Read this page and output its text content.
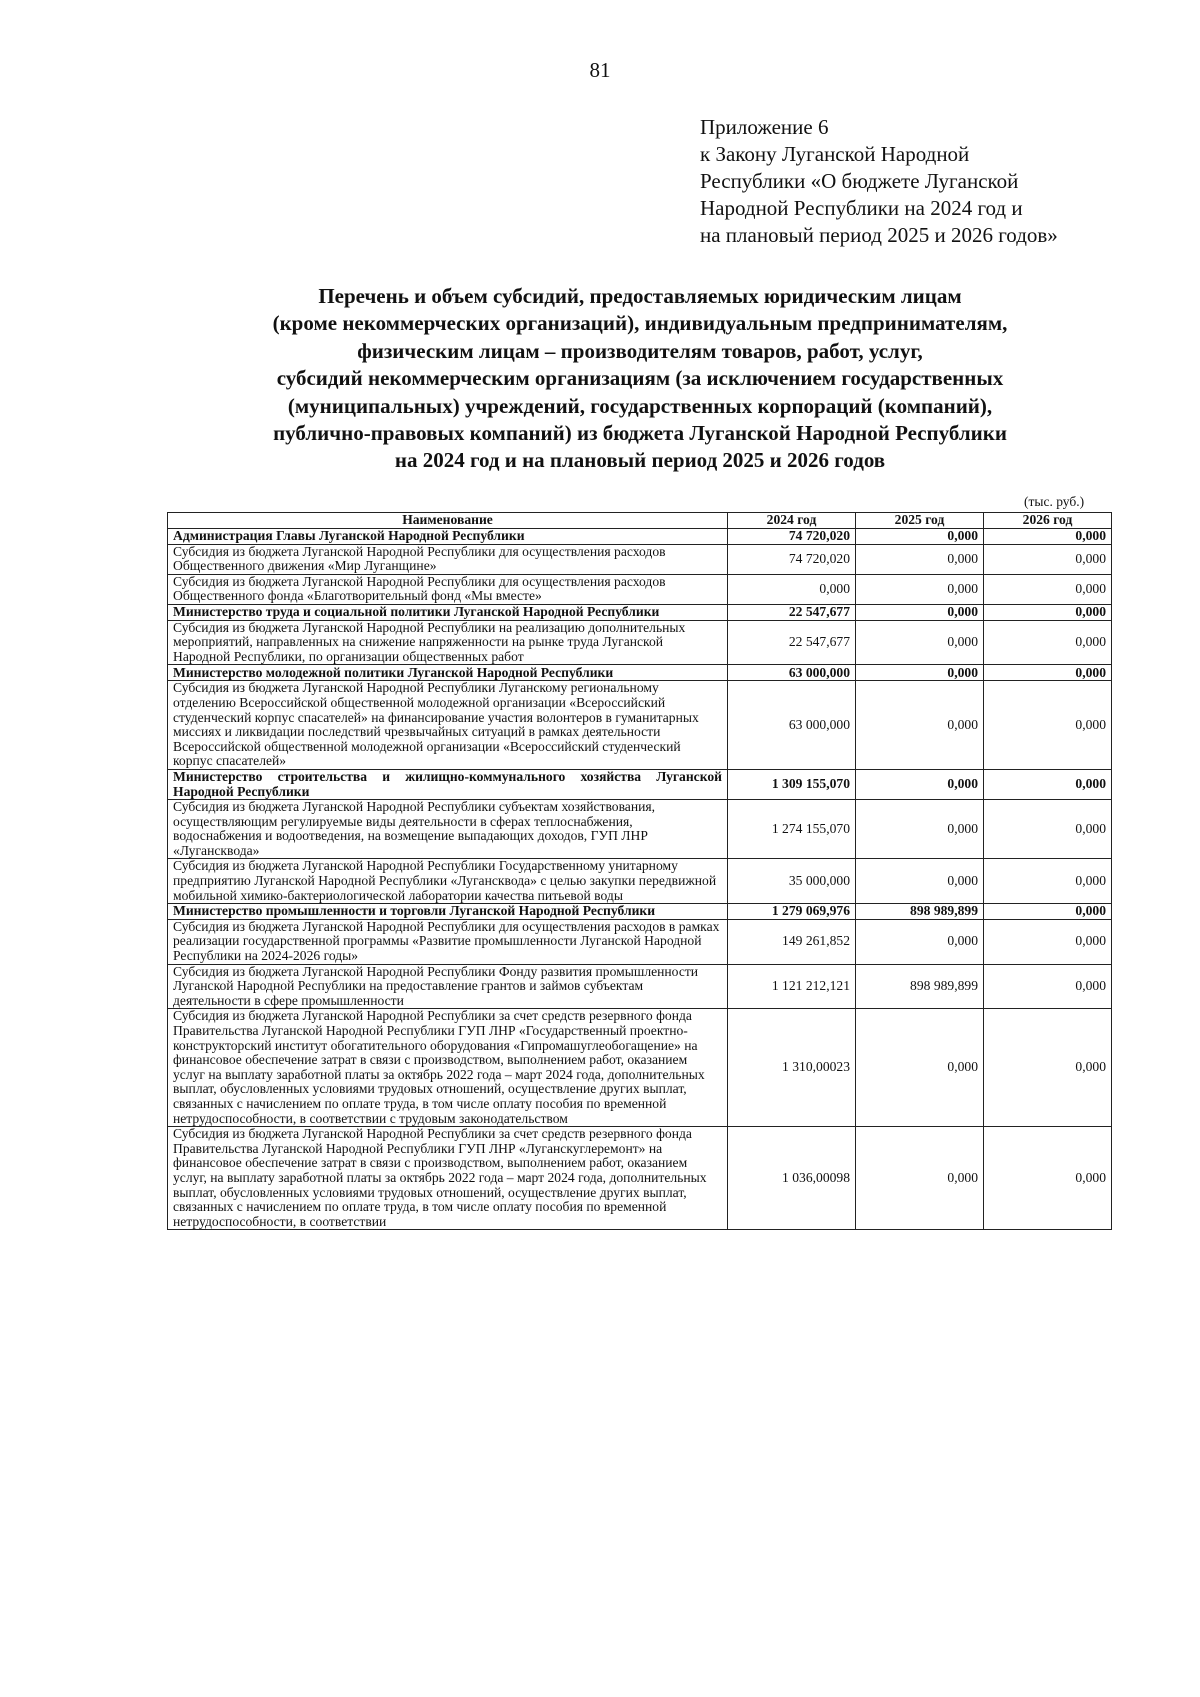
81
Приложение 6
к Закону Луганской Народной
Республики «О бюджете Луганской
Народной Республики на 2024 год и
на плановый период 2025 и 2026 годов»
Перечень и объем субсидий, предоставляемых юридическим лицам
(кроме некоммерческих организаций), индивидуальным предпринимателям,
физическим лицам – производителям товаров, работ, услуг,
субсидий некоммерческим организациям (за исключением государственных
(муниципальных) учреждений, государственных корпораций (компаний),
публично-правовых компаний) из бюджета Луганской Народной Республики
на 2024 год и на плановый период 2025 и 2026 годов
(тыс. руб.)
Наименование	2024 год	2025 год	2026 год
Администрация Главы Луганской Народной Республики	74 720,020	0,000	0,000
Субсидия из бюджета Луганской Народной Республики для осуществления расходов Общественного движения «Мир Луганщине»	74 720,020	0,000	0,000
Субсидия из бюджета Луганской Народной Республики для осуществления расходов Общественного фонда «Благотворительный фонд «Мы вместе»	0,000	0,000	0,000
Министерство труда и социальной политики Луганской Народной Республики	22 547,677	0,000	0,000
Субсидия из бюджета Луганской Народной Республики на реализацию дополнительных мероприятий, направленных на снижение напряженности на рынке труда Луганской Народной Республики, по организации общественных работ	22 547,677	0,000	0,000
Министерство молодежной политики Луганской Народной Республики	63 000,000	0,000	0,000
Субсидия из бюджета Луганской Народной Республики Луганскому региональному отделению Всероссийской общественной молодежной организации «Всероссийский студенческий корпус спасателей» на финансирование участия волонтеров в гуманитарных миссиях и ликвидации последствий чрезвычайных ситуаций в рамках деятельности Всероссийской общественной молодежной организации «Всероссийский студенческий корпус спасателей»	63 000,000	0,000	0,000
Министерство строительства и жилищно-коммунального хозяйства Луганской Народной Республики	1 309 155,070	0,000	0,000
Субсидия из бюджета Луганской Народной Республики субъектам хозяйствования, осуществляющим регулируемые виды деятельности в сферах теплоснабжения, водоснабжения и водоотведения, на возмещение выпадающих доходов, ГУП ЛНР «Лугансквода»	1 274 155,070	0,000	0,000
Субсидия из бюджета Луганской Народной Республики Государственному унитарному предприятию Луганской Народной Республики «Лугансквода» с целью закупки передвижной мобильной химико-бактериологической лаборатории качества питьевой воды	35 000,000	0,000	0,000
Министерство промышленности и торговли Луганской Народной Республики	1 279 069,976	898 989,899	0,000
Субсидия из бюджета Луганской Народной Республики для осуществления расходов в рамках реализации государственной программы «Развитие промышленности Луганской Народной Республики на 2024-2026 годы»	149 261,852	0,000	0,000
Субсидия из бюджета Луганской Народной Республики Фонду развития промышленности Луганской Народной Республики на предоставление грантов и займов субъектам деятельности в сфере промышленности	1 121 212,121	898 989,899	0,000
Субсидия из бюджета Луганской Народной Республики за счет средств резервного фонда Правительства Луганской Народной Республики ГУП ЛНР «Государственный проектно-конструкторский институт обогатительного оборудования «Гипромашуглеобогащение» на финансовое обеспечение затрат в связи с производством, выполнением работ, оказанием услуг на выплату заработной платы за октябрь 2022 года – март 2024 года, дополнительных выплат, обусловленных условиями трудовых отношений, осуществление других выплат, связанных с начислением по оплате труда, в том числе оплату пособия по временной нетрудоспособности, в соответствии с трудовым законодательством	1 310,00023	0,000	0,000
Субсидия из бюджета Луганской Народной Республики за счет средств резервного фонда Правительства Луганской Народной Республики ГУП ЛНР «Луганскуглеремонт» на финансовое обеспечение затрат в связи с производством, выполнением работ, оказанием услуг, на выплату заработной платы за октябрь 2022 года – март 2024 года, дополнительных выплат, обусловленных условиями трудовых отношений, осуществление других выплат, связанных с начислением по оплате труда, в том числе оплату пособия по временной нетрудоспособности, в соответствии	1 036,00098	0,000	0,000
